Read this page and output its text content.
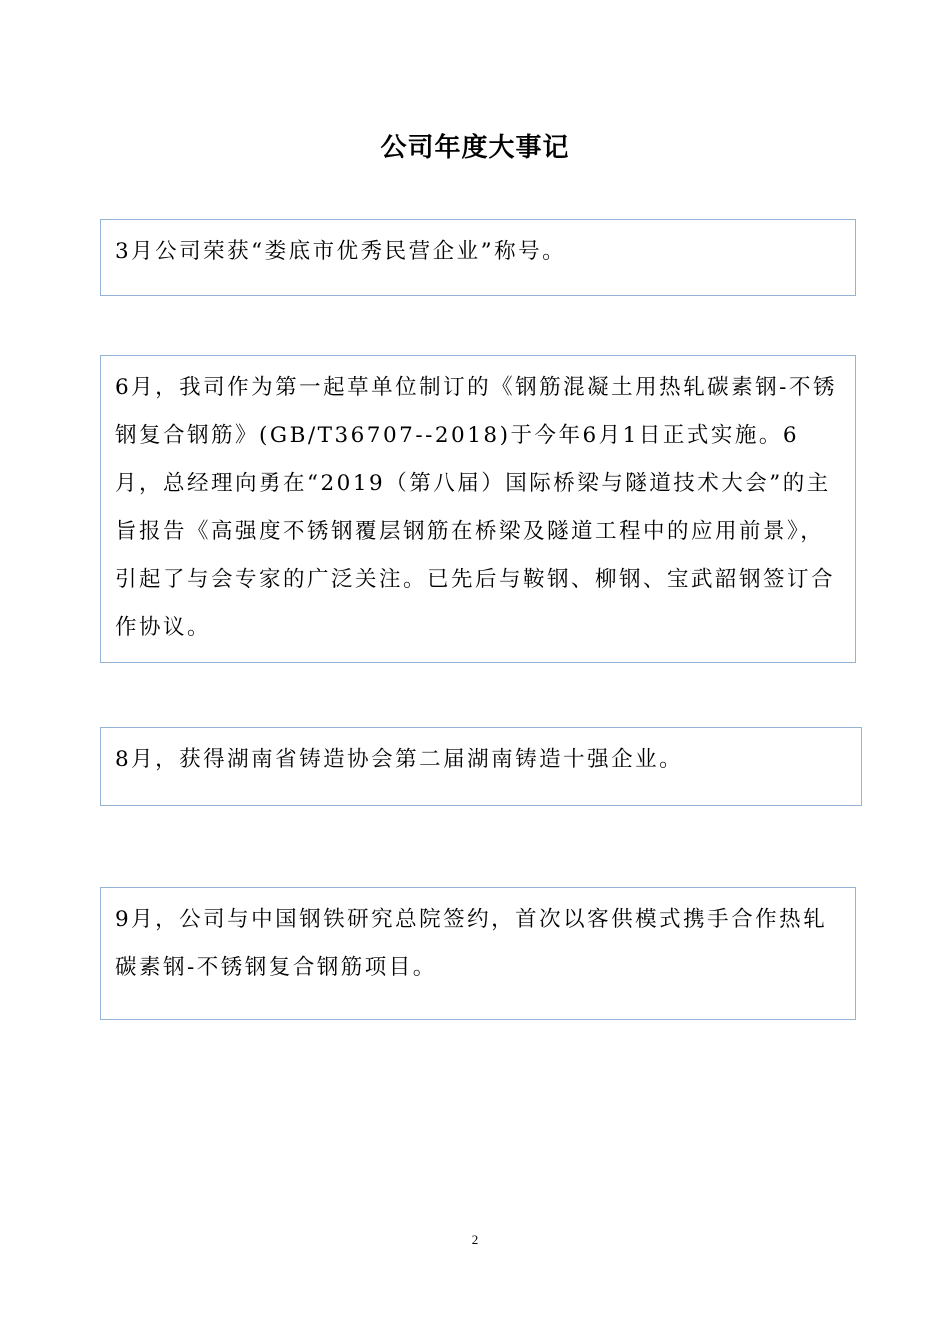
公司年度大事记
3月公司荣获“娄底市优秀民营企业”称号。
6月，我司作为第一起草单位制订的《钢筋混凝土用热轧碳素钢-不锈钢复合钢筋》(GB/T36707--2018)于今年6月1日正式实施。6月，总经理向勇在“2019（第八届）国际桥梁与隧道技术大会”的主旨报告《高强度不锈钢覆层钢筋在桥梁及隧道工程中的应用前景》，引起了与会专家的广泛关注。已先后与鞍钢、柳钢、宝武韶钢签订合作协议。
8月，获得湖南省铸造协会第二届湖南铸造十强企业。
9月，公司与中国钢铁研究总院签约，首次以客供模式携手合作热轧碳素钢-不锈钢复合钢筋项目。
2
